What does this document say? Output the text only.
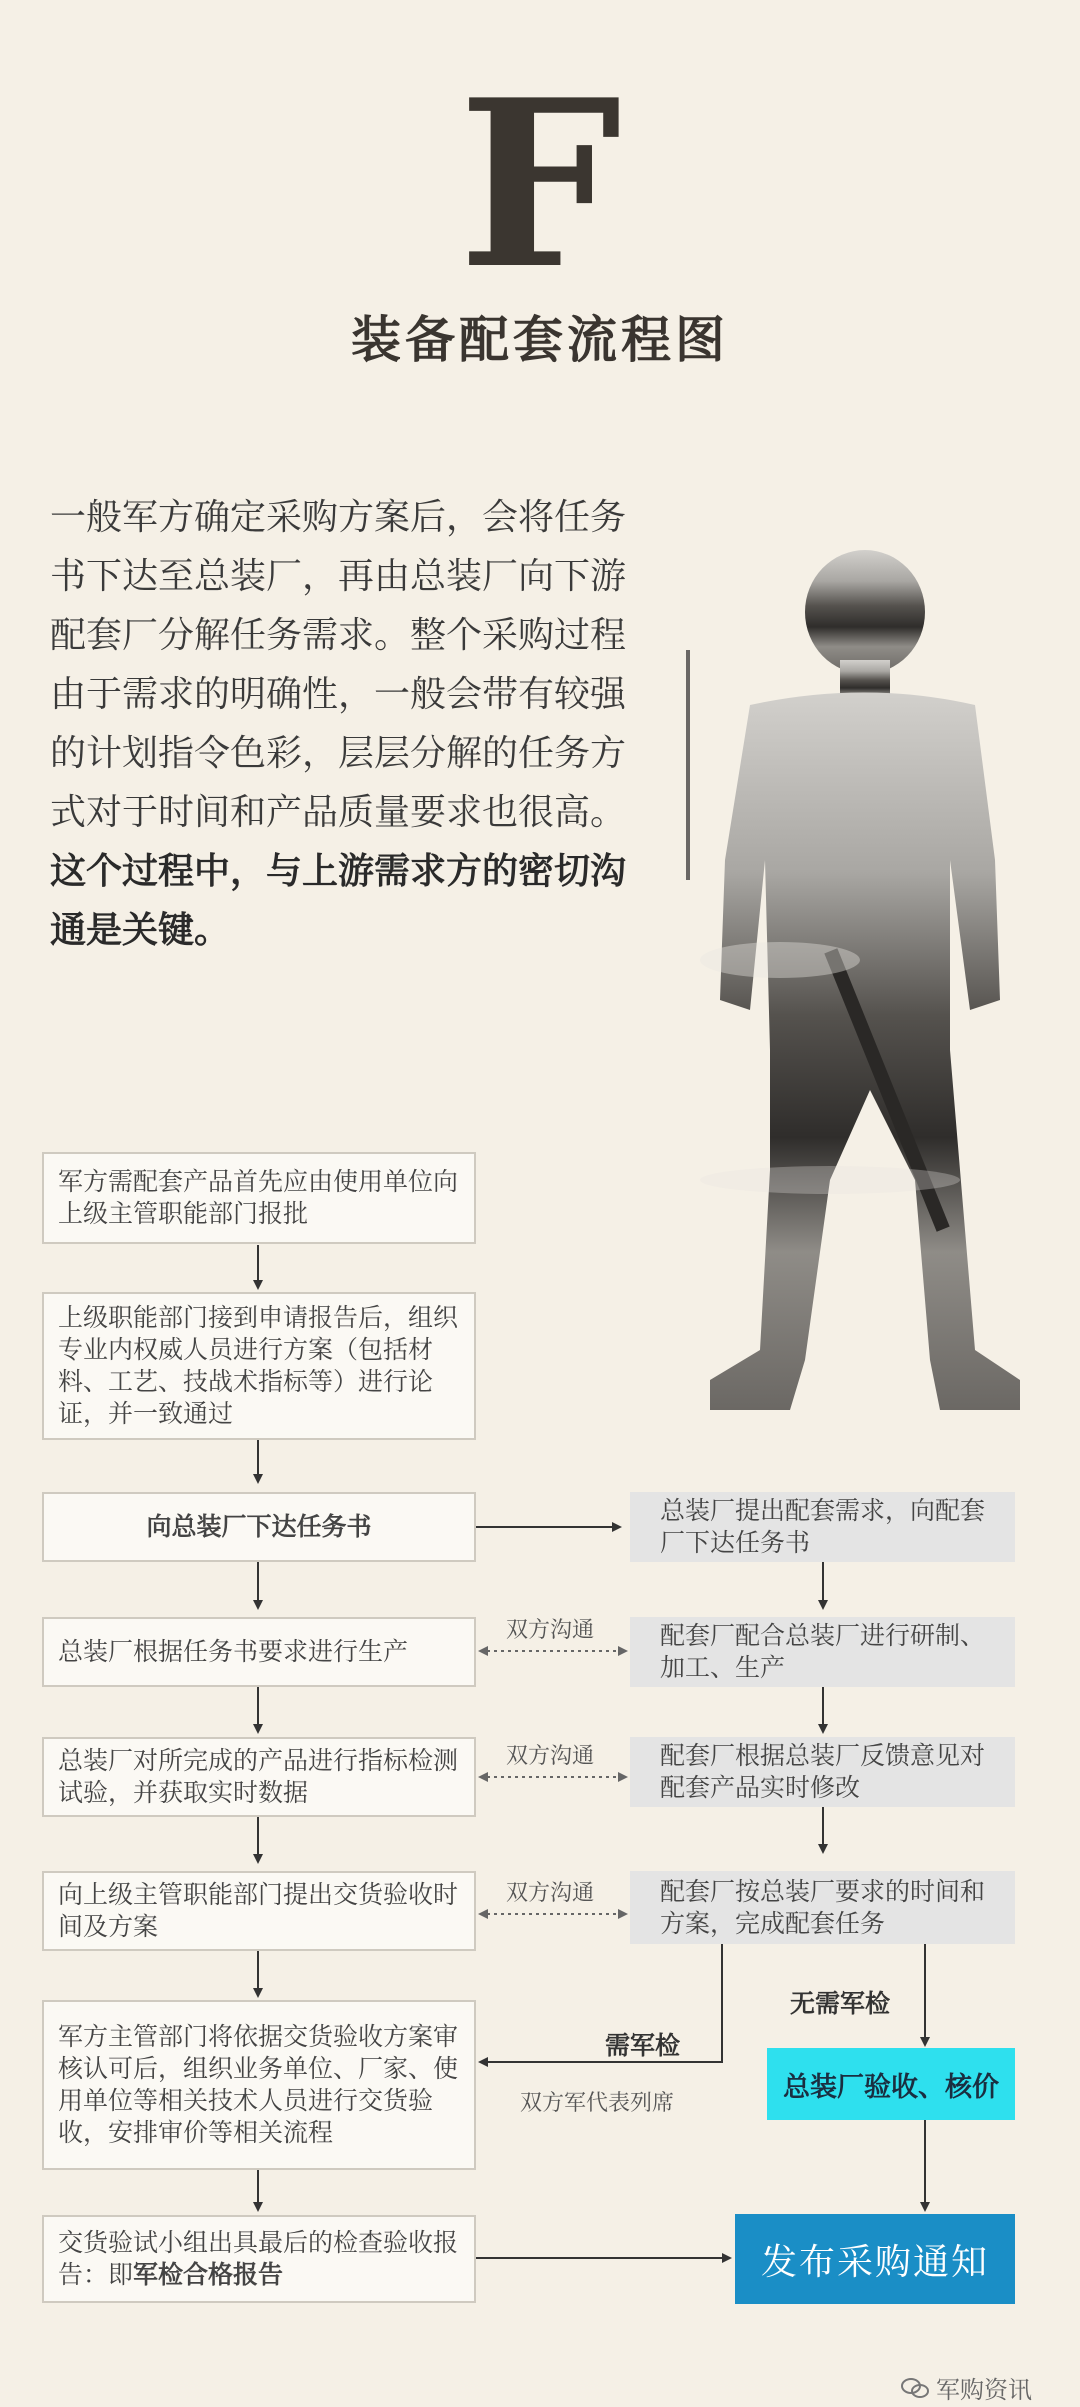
F
装备配套流程图

一般军方确定采购方案后，会将任务书下达至总装厂，再由总装厂向下游配套厂分解任务需求。整个采购过程由于需求的明确性，一般会带有较强的计划指令色彩，层层分解的任务方式对于时间和产品质量要求也很高。这个过程中，与上游需求方的密切沟通是关键。

军方需配套产品首先应由使用单位向上级主管职能部门报批
上级职能部门接到申请报告后，组织专业内权威人员进行方案（包括材料、工艺、技战术指标等）进行论证，并一致通过
向总装厂下达任务书
总装厂根据任务书要求进行生产
总装厂对所完成的产品进行指标检测试验，并获取实时数据
向上级主管职能部门提出交货验收时间及方案
军方主管部门将依据交货验收方案审核认可后，组织业务单位、厂家、使用单位等相关技术人员进行交货验收，安排审价等相关流程
交货验试小组出具最后的检查验收报告：即军检合格报告
总装厂提出配套需求，向配套厂下达任务书
配套厂配合总装厂进行研制、加工、生产
配套厂根据总装厂反馈意见对配套产品实时修改
配套厂按总装厂要求的时间和方案，完成配套任务
总装厂验收、核价
发布采购通知
双方沟通
双方沟通
双方沟通
需军检
无需军检
双方军代表列席
军购资讯
